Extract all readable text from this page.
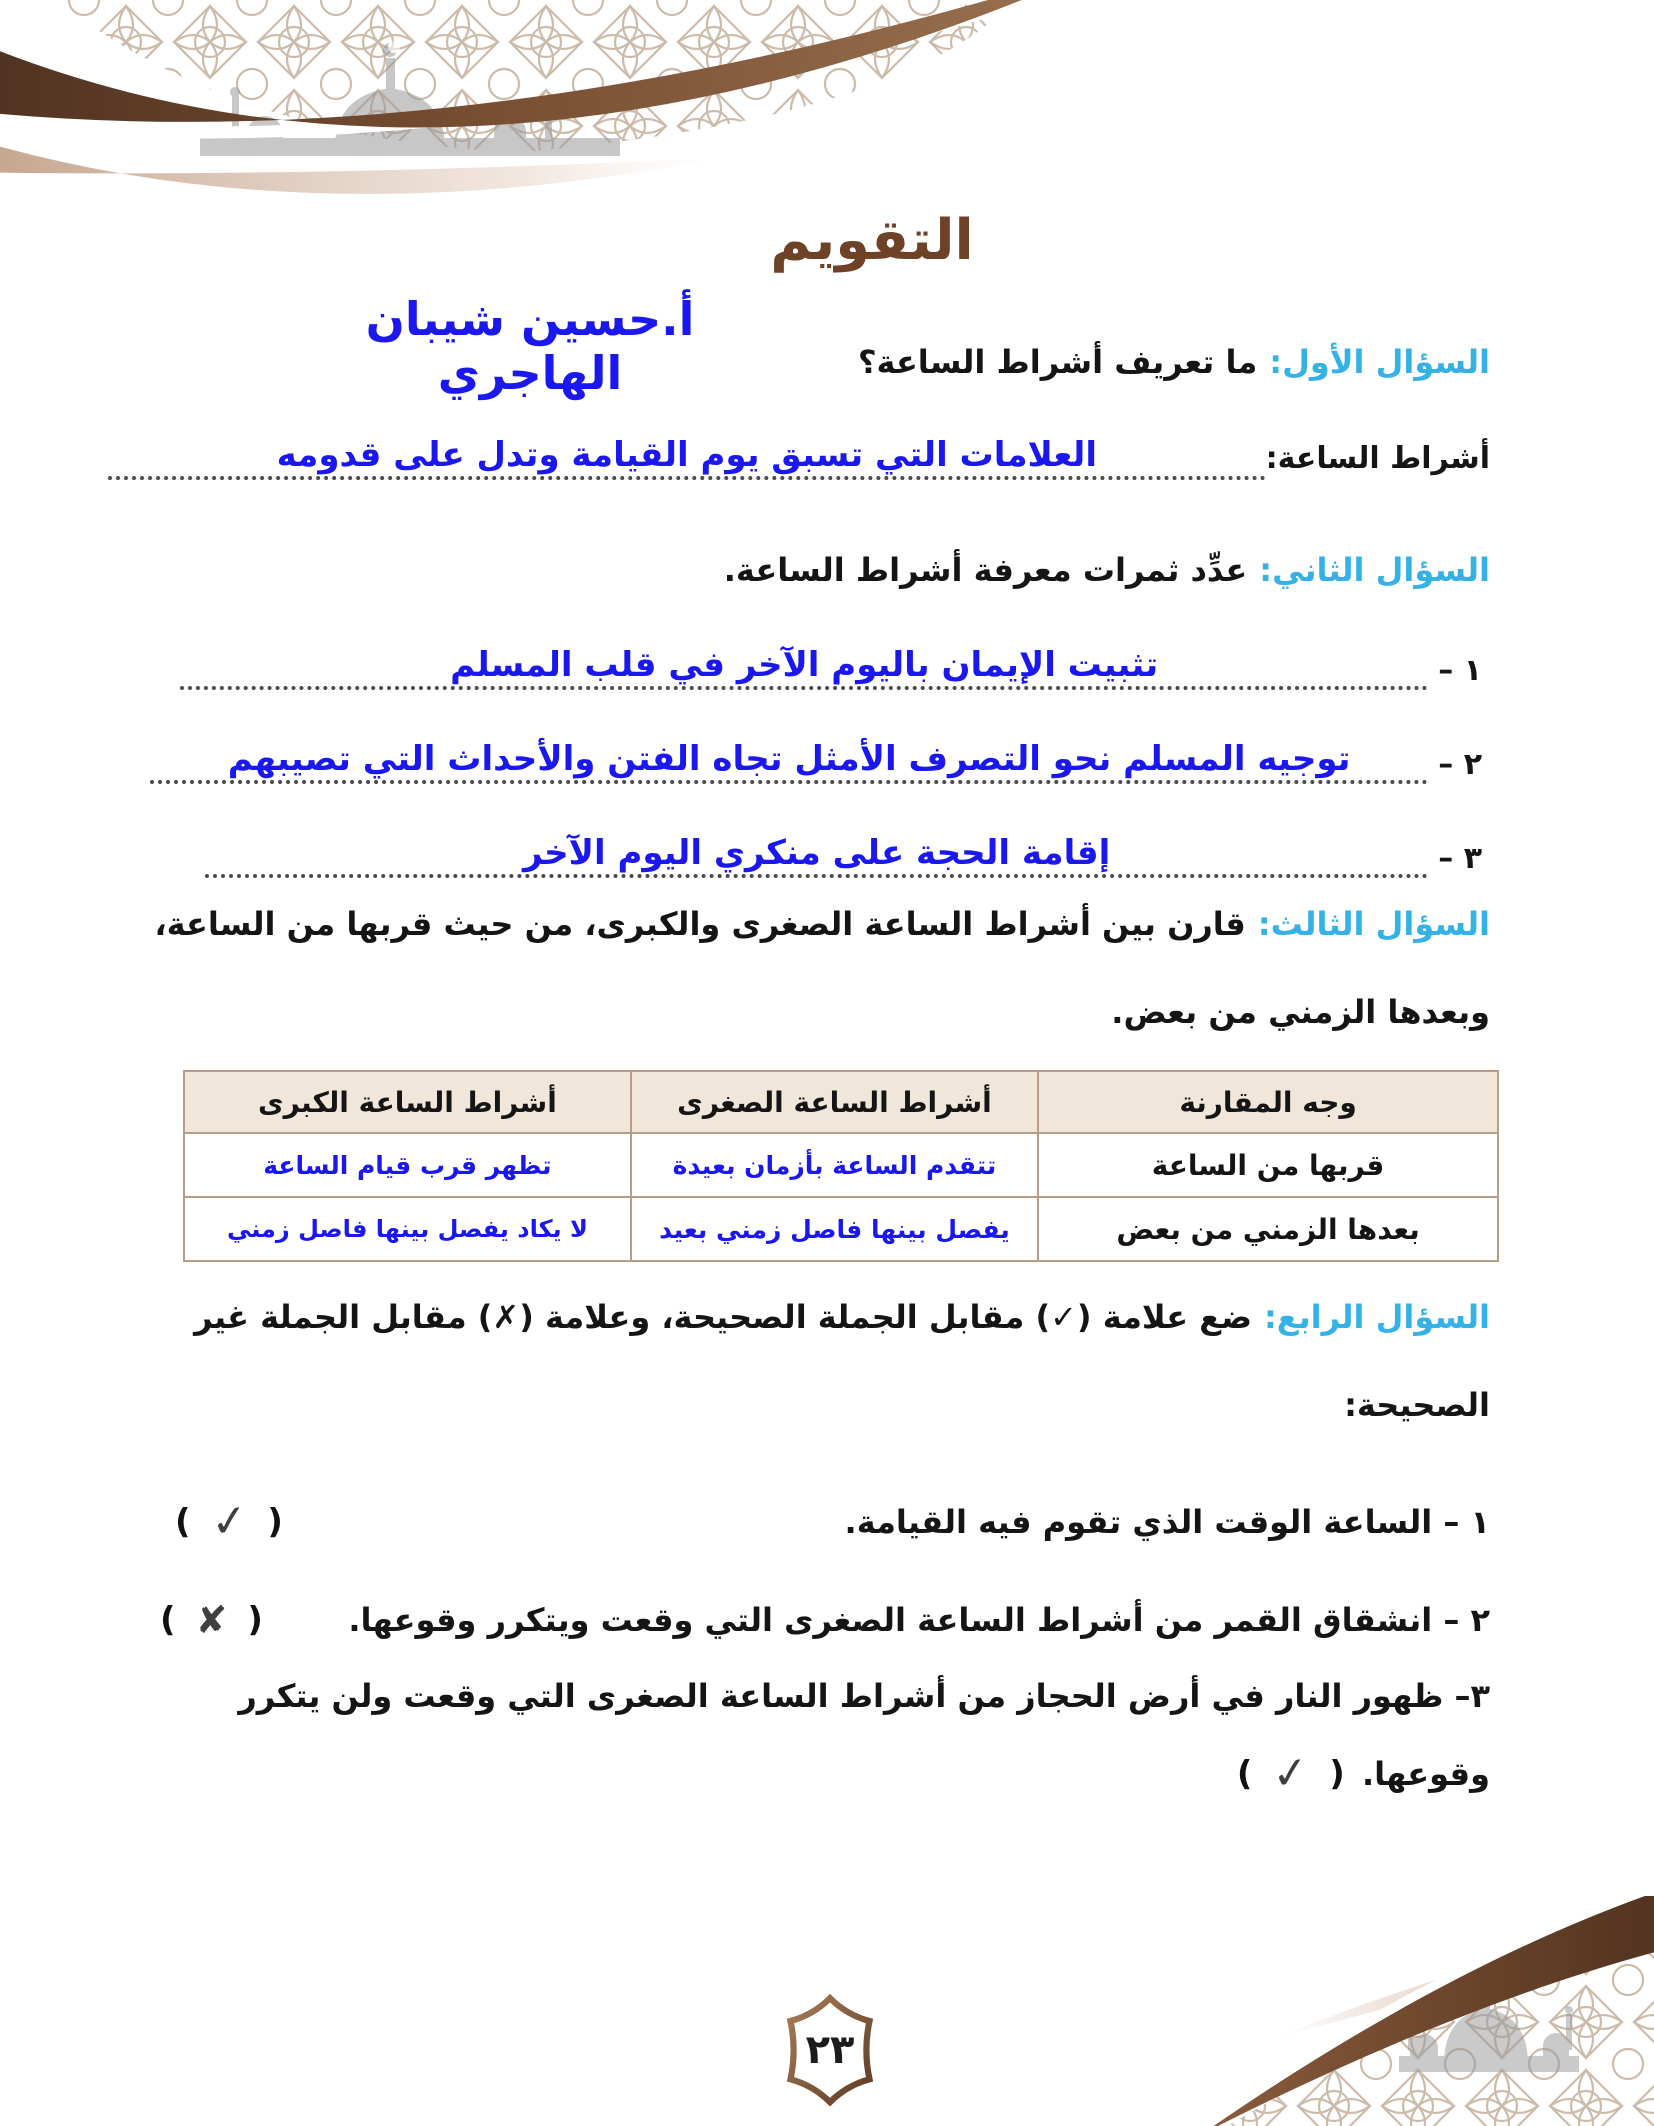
التقويم
أ.حسين شيبان الهاجري	السؤال الأول:ما تعريف أشراط الساعة؟
أشراط الساعة:
العلامات التي تسبق يوم القيامة وتدل على قدومه
السؤال الثاني:عدِّد ثمرات معرفة أشراط الساعة.
١ –
تثبيت الإيمان باليوم الآخر في قلب المسلم
٢ –
توجيه المسلم نحو التصرف الأمثل تجاه الفتن والأحداث التي تصيبهم
٣ –
إقامة الحجة على منكري اليوم الآخر
السؤال الثالث:قارن بين أشراط الساعة الصغرى والكبرى، من حيث قربها من الساعة،
وبعدها الزمني من بعض.
وجه المقارنة	أشراط الساعة الصغرى	أشراط الساعة الكبرى
قربها من الساعة	تتقدم الساعة بأزمان بعيدة	تظهر قرب قيام الساعة
بعدها الزمني من بعض	يفصل بينها فاصل زمني بعيد	لا يكاد يفصل بينها فاصل زمني
السؤال الرابع:ضع علامة (✓) مقابل الجملة الصحيحة، وعلامة (✗) مقابل الجملة غير
الصحيحة:
١ – الساعة الوقت الذي تقوم فيه القيامة.
( ✓ )
٢ – انشقاق القمر من أشراط الساعة الصغرى التي وقعت ويتكرر وقوعها.
( ✘ )
٣– ظهور النار في أرض الحجاز من أشراط الساعة الصغرى التي وقعت ولن يتكرر
وقوعها.
( ✓ )
٢٣
